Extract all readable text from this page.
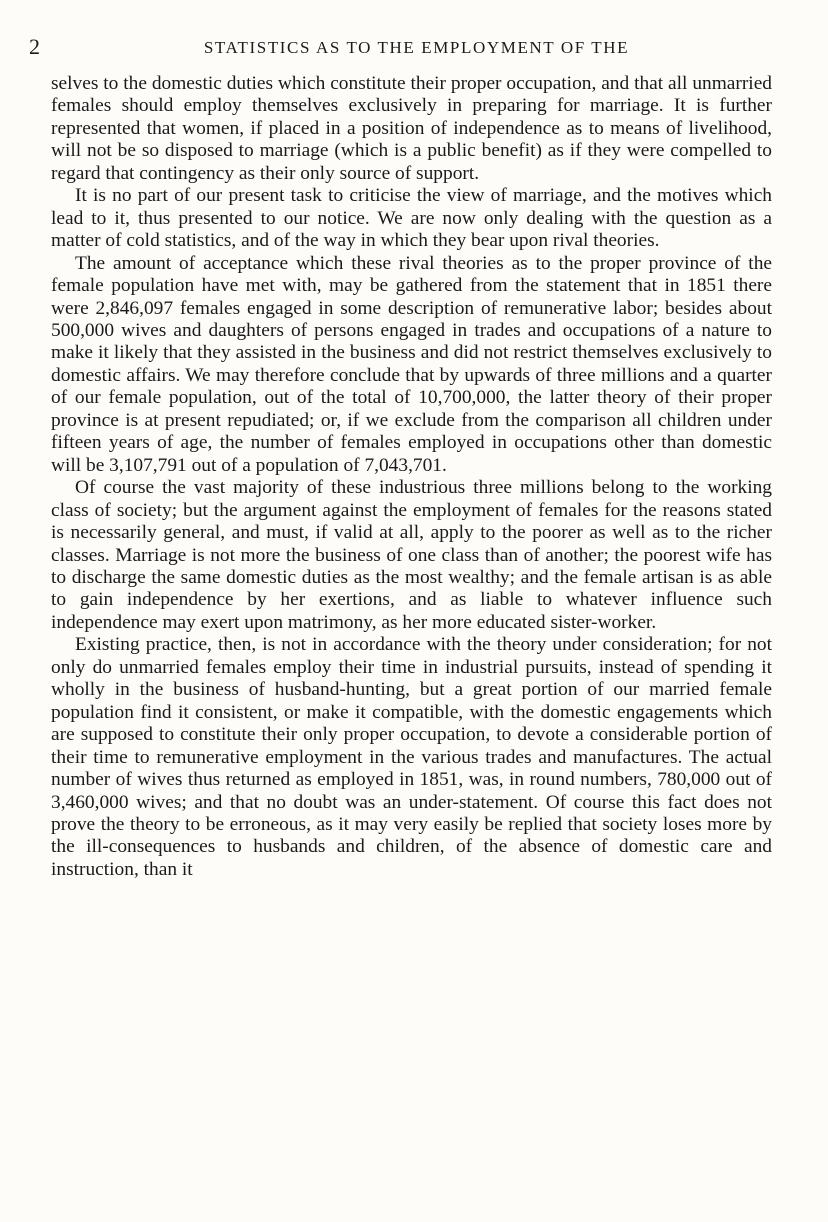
2	STATISTICS AS TO THE EMPLOYMENT OF THE

selves to the domestic duties which constitute their proper occupation, and that all unmarried females should employ themselves exclusively in preparing for marriage. It is further represented that women, if placed in a position of independence as to means of livelihood, will not be so disposed to marriage (which is a public benefit) as if they were compelled to regard that contingency as their only source of support.

It is no part of our present task to criticise the view of marriage, and the motives which lead to it, thus presented to our notice. We are now only dealing with the question as a matter of cold statistics, and of the way in which they bear upon rival theories.

The amount of acceptance which these rival theories as to the proper province of the female population have met with, may be gathered from the statement that in 1851 there were 2,846,097 females engaged in some description of remunerative labor; besides about 500,000 wives and daughters of persons engaged in trades and occupations of a nature to make it likely that they assisted in the business and did not restrict themselves exclusively to domestic affairs. We may therefore conclude that by upwards of three millions and a quarter of our female population, out of the total of 10,700,000, the latter theory of their proper province is at present repudiated; or, if we exclude from the comparison all children under fifteen years of age, the number of females employed in occupations other than domestic will be 3,107,791 out of a population of 7,043,701.

Of course the vast majority of these industrious three millions belong to the working class of society; but the argument against the employment of females for the reasons stated is necessarily general, and must, if valid at all, apply to the poorer as well as to the richer classes. Marriage is not more the business of one class than of another; the poorest wife has to discharge the same domestic duties as the most wealthy; and the female artisan is as able to gain independence by her exertions, and as liable to whatever influence such independence may exert upon matrimony, as her more educated sister-worker.

Existing practice, then, is not in accordance with the theory under consideration; for not only do unmarried females employ their time in industrial pursuits, instead of spending it wholly in the business of husband-hunting, but a great portion of our married female population find it consistent, or make it compatible, with the domestic engagements which are supposed to constitute their only proper occupation, to devote a considerable portion of their time to remunerative employment in the various trades and manufactures. The actual number of wives thus returned as employed in 1851, was, in round numbers, 780,000 out of 3,460,000 wives; and that no doubt was an under-statement. Of course this fact does not prove the theory to be erroneous, as it may very easily be replied that society loses more by the ill-consequences to husbands and children, of the absence of domestic care and instruction, than it
